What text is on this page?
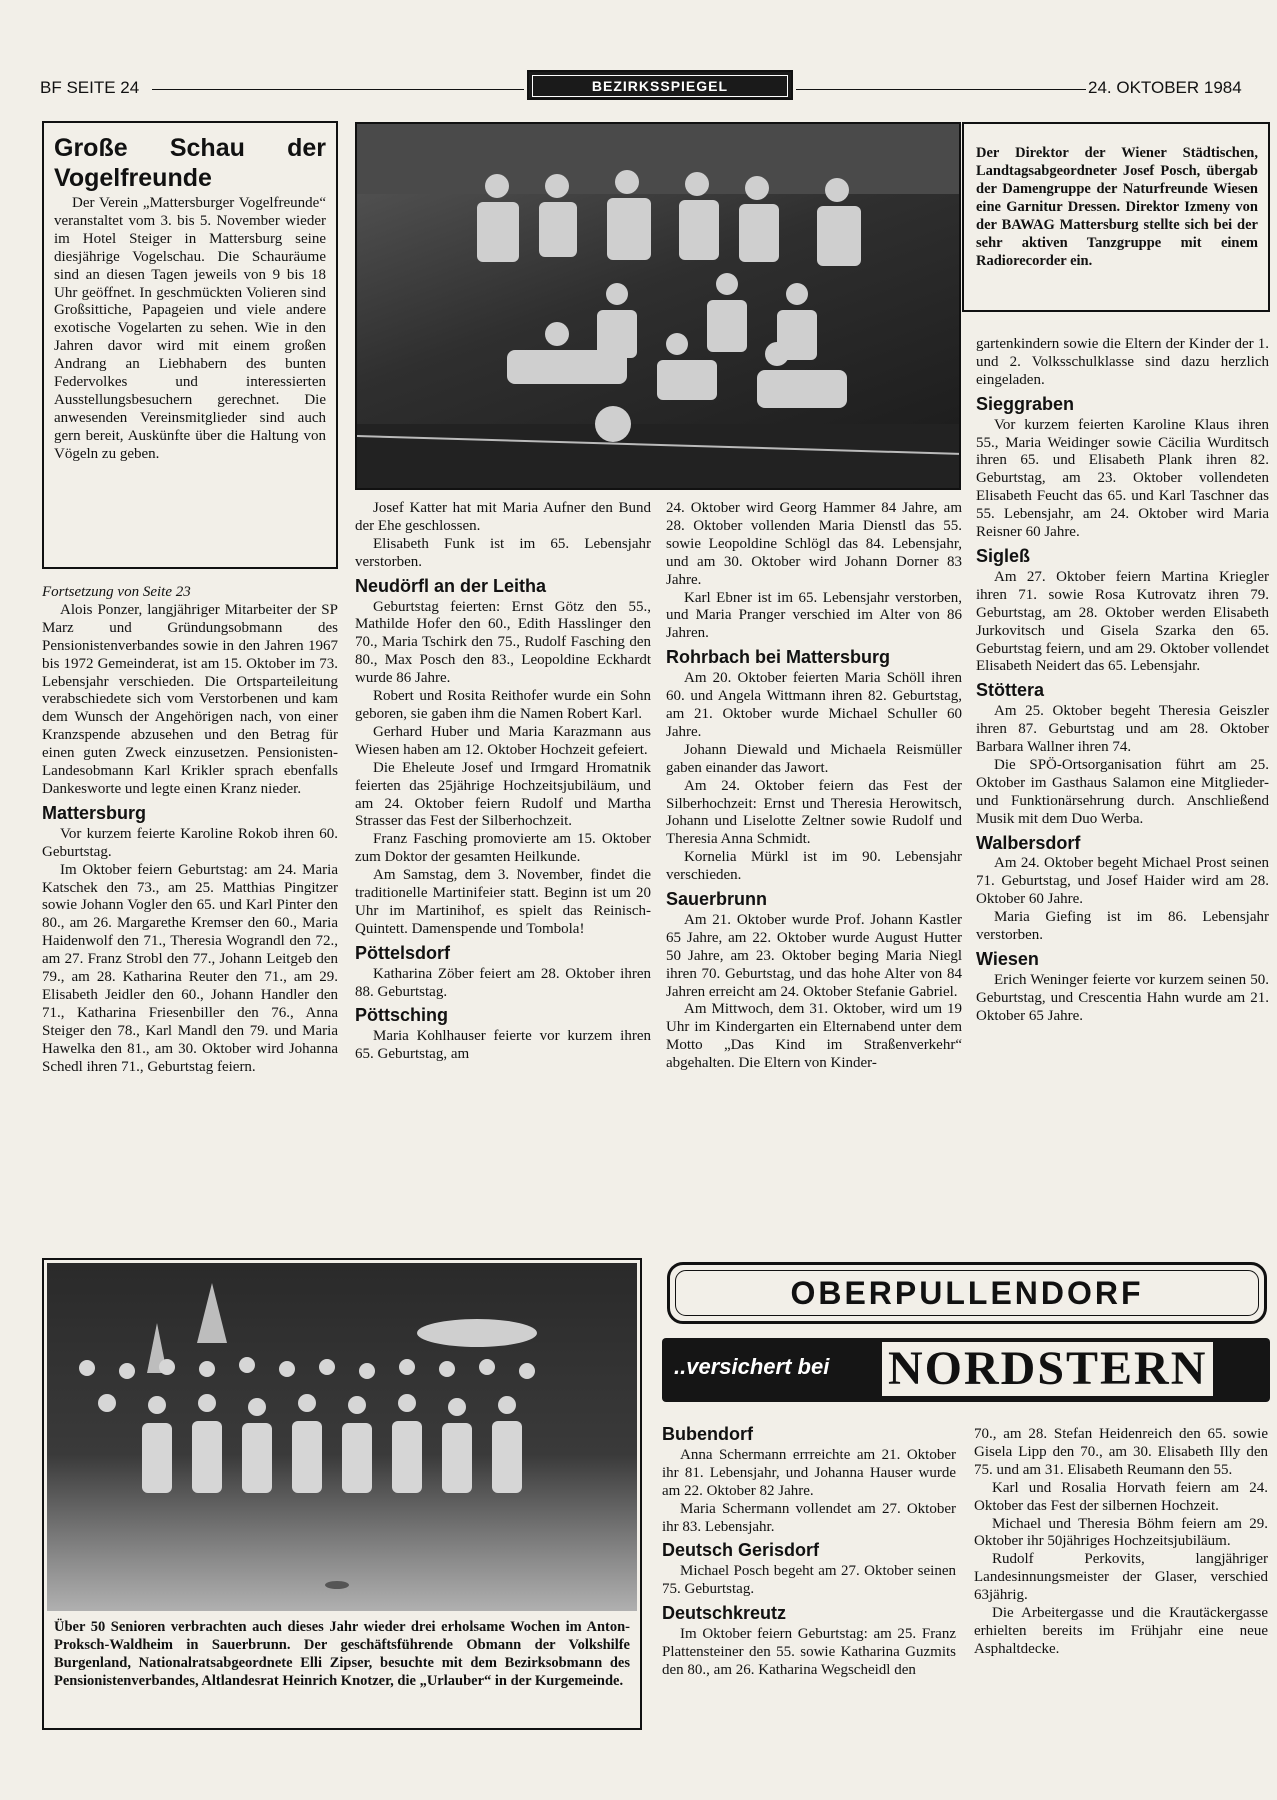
BF SEITE 24	BEZIRKSSPIEGEL	24. OKTOBER 1984
Große Schau der Vogelfreunde

Der Verein „Mattersburger Vogelfreunde“ veranstaltet vom 3. bis 5. November wieder im Hotel Steiger in Mattersburg seine diesjährige Vogelschau. Die Schauräume sind an diesen Tagen jeweils von 9 bis 18 Uhr geöffnet. In geschmückten Volieren sind Großsittiche, Papageien und viele andere exotische Vogelarten zu sehen. Wie in den Jahren davor wird mit einem großen Andrang an Liebhabern des bunten Federvolkes und interessierten Ausstellungsbesuchern gerechnet. Die anwesenden Vereinsmitglieder sind auch gern bereit, Auskünfte über die Haltung von Vögeln zu geben.

Fortsetzung von Seite 23

Alois Ponzer, langjähriger Mitarbeiter der SP Marz und Gründungsobmann des Pensionistenverbandes sowie in den Jahren 1967 bis 1972 Gemeinderat, ist am 15. Oktober im 73. Lebensjahr verschieden. Die Ortsparteileitung verabschiedete sich vom Verstorbenen und kam dem Wunsch der Angehörigen nach, von einer Kranzspende abzusehen und den Betrag für einen guten Zweck einzusetzen. Pensionisten-Landesobmann Karl Krikler sprach ebenfalls Dankesworte und legte einen Kranz nieder.

Mattersburg

Vor kurzem feierte Karoline Rokob ihren 60. Geburtstag.

Im Oktober feiern Geburtstag: am 24. Maria Katschek den 73., am 25. Matthias Pingitzer sowie Johann Vogler den 65. und Karl Pinter den 80., am 26. Margarethe Kremser den 60., Maria Haidenwolf den 71., Theresia Wograndl den 72., am 27. Franz Strobl den 77., Johann Leitgeb den 79., am 28. Katharina Reuter den 71., am 29. Elisabeth Jeidler den 60., Johann Handler den 71., Katharina Friesenbiller den 76., Anna Steiger den 78., Karl Mandl den 79. und Maria Hawelka den 81., am 30. Oktober wird Johanna Schedl ihren 71., Geburtstag feiern.

Der Direktor der Wiener Städtischen, Landtagsabgeordneter Josef Posch, übergab der Damengruppe der Naturfreunde Wiesen eine Garnitur Dressen. Direktor Izmeny von der BAWAG Mattersburg stellte sich bei der sehr aktiven Tanzgruppe mit einem Radiorecorder ein.

Josef Katter hat mit Maria Aufner den Bund der Ehe geschlossen.

Elisabeth Funk ist im 65. Lebensjahr verstorben.

Neudörfl an der Leitha

Geburtstag feierten: Ernst Götz den 55., Mathilde Hofer den 60., Edith Hasslinger den 70., Maria Tschirk den 75., Rudolf Fasching den 80., Max Posch den 83., Leopoldine Eckhardt wurde 86 Jahre.

Robert und Rosita Reithofer wurde ein Sohn geboren, sie gaben ihm die Namen Robert Karl.

Gerhard Huber und Maria Karazmann aus Wiesen haben am 12. Oktober Hochzeit gefeiert.

Die Eheleute Josef und Irmgard Hromatnik feierten das 25jährige Hochzeitsjubiläum, und am 24. Oktober feiern Rudolf und Martha Strasser das Fest der Silberhochzeit.

Franz Fasching promovierte am 15. Oktober zum Doktor der gesamten Heilkunde.

Am Samstag, dem 3. November, findet die traditionelle Martinifeier statt. Beginn ist um 20 Uhr im Martinihof, es spielt das Reinisch-Quintett. Damenspende und Tombola!

Pöttelsdorf

Katharina Zöber feiert am 28. Oktober ihren 88. Geburtstag.

Pöttsching

Maria Kohlhauser feierte vor kurzem ihren 65. Geburtstag, am

24. Oktober wird Georg Hammer 84 Jahre, am 28. Oktober vollenden Maria Dienstl das 55. sowie Leopoldine Schlögl das 84. Lebensjahr, und am 30. Oktober wird Johann Dorner 83 Jahre.

Karl Ebner ist im 65. Lebensjahr verstorben, und Maria Pranger verschied im Alter von 86 Jahren.

Rohrbach bei Mattersburg

Am 20. Oktober feierten Maria Schöll ihren 60. und Angela Wittmann ihren 82. Geburtstag, am 21. Oktober wurde Michael Schuller 60 Jahre.

Johann Diewald und Michaela Reismüller gaben einander das Jawort.

Am 24. Oktober feiern das Fest der Silberhochzeit: Ernst und Theresia Herowitsch, Johann und Liselotte Zeltner sowie Rudolf und Theresia Anna Schmidt.

Kornelia Mürkl ist im 90. Lebensjahr verschieden.

Sauerbrunn

Am 21. Oktober wurde Prof. Johann Kastler 65 Jahre, am 22. Oktober wurde August Hutter 50 Jahre, am 23. Oktober beging Maria Niegl ihren 70. Geburtstag, und das hohe Alter von 84 Jahren erreicht am 24. Oktober Stefanie Gabriel.

Am Mittwoch, dem 31. Oktober, wird um 19 Uhr im Kindergarten ein Elternabend unter dem Motto „Das Kind im Straßenverkehr“ abgehalten. Die Eltern von Kinder-

gartenkindern sowie die Eltern der Kinder der 1. und 2. Volksschulklasse sind dazu herzlich eingeladen.

Sieggraben

Vor kurzem feierten Karoline Klaus ihren 55., Maria Weidinger sowie Cäcilia Wurditsch ihren 65. und Elisabeth Plank ihren 82. Geburtstag, am 23. Oktober vollendeten Elisabeth Feucht das 65. und Karl Taschner das 55. Lebensjahr, am 24. Oktober wird Maria Reisner 60 Jahre.

Sigleß

Am 27. Oktober feiern Martina Kriegler ihren 71. sowie Rosa Kutrovatz ihren 79. Geburtstag, am 28. Oktober werden Elisabeth Jurkovitsch und Gisela Szarka den 65. Geburtstag feiern, und am 29. Oktober vollendet Elisabeth Neidert das 65. Lebensjahr.

Stöttera

Am 25. Oktober begeht Theresia Geiszler ihren 87. Geburtstag und am 28. Oktober Barbara Wallner ihren 74.

Die SPÖ-Ortsorganisation führt am 25. Oktober im Gasthaus Salamon eine Mitglieder- und Funktionärsehrung durch. Anschließend Musik mit dem Duo Werba.

Walbersdorf

Am 24. Oktober begeht Michael Prost seinen 71. Geburtstag, und Josef Haider wird am 28. Oktober 60 Jahre.

Maria Giefing ist im 86. Lebensjahr verstorben.

Wiesen

Erich Weninger feierte vor kurzem seinen 50. Geburtstag, und Crescentia Hahn wurde am 21. Oktober 65 Jahre.

Über 50 Senioren verbrachten auch dieses Jahr wieder drei erholsame Wochen im Anton-Proksch-Waldheim in Sauerbrunn. Der geschäftsführende Obmann der Volkshilfe Burgenland, Nationalratsabgeordnete Elli Zipser, besuchte mit dem Bezirksobmann des Pensionistenverbandes, Altlandesrat Heinrich Knotzer, die „Urlauber“ in der Kurgemeinde.
OBERPULLENDORF
..versichert bei NORDSTERN
Bubendorf

Anna Schermann errreichte am 21. Oktober ihr 81. Lebensjahr, und Johanna Hauser wurde am 22. Oktober 82 Jahre.

Maria Schermann vollendet am 27. Oktober ihr 83. Lebensjahr.

Deutsch Gerisdorf

Michael Posch begeht am 27. Oktober seinen 75. Geburtstag.

Deutschkreutz

Im Oktober feiern Geburtstag: am 25. Franz Plattensteiner den 55. sowie Katharina Guzmits den 80., am 26. Katharina Wegscheidl den

70., am 28. Stefan Heidenreich den 65. sowie Gisela Lipp den 70., am 30. Elisabeth Illy den 75. und am 31. Elisabeth Reumann den 55.

Karl und Rosalia Horvath feiern am 24. Oktober das Fest der silbernen Hochzeit.

Michael und Theresia Böhm feiern am 29. Oktober ihr 50jähriges Hochzeitsjubiläum.

Rudolf Perkovits, langjähriger Landesinnungsmeister der Glaser, verschied 63jährig.

Die Arbeitergasse und die Krautäckergasse erhielten bereits im Frühjahr eine neue Asphaltdecke.
